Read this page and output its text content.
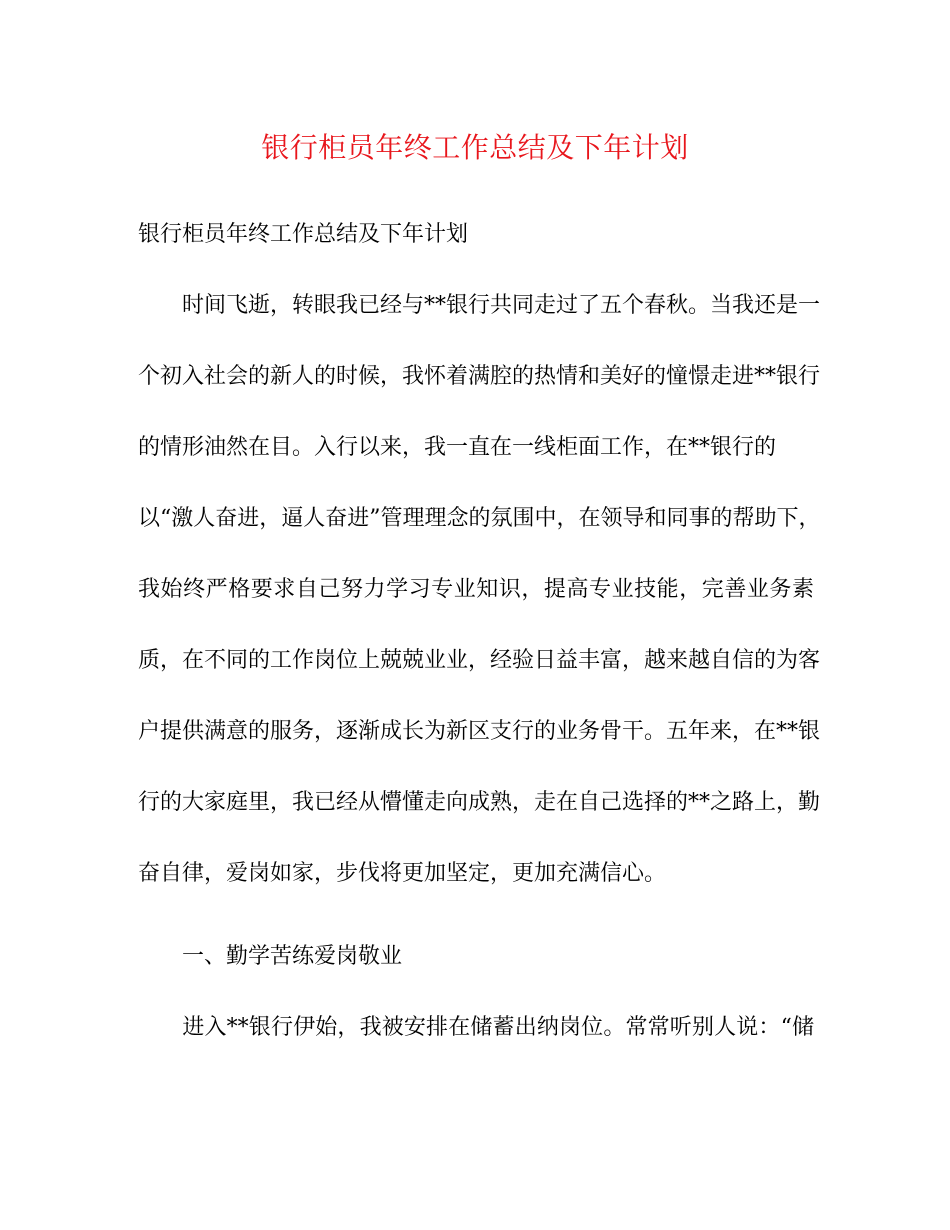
银行柜员年终工作总结及下年计划
银行柜员年终工作总结及下年计划
　　时间飞逝，转眼我已经与**银行共同走过了五个春秋。当我还是一
个初入社会的新人的时候，我怀着满腔的热情和美好的憧憬走进**银行
的情形油然在目。入行以来，我一直在一线柜面工作，在**银行的
以“激人奋进，逼人奋进”管理理念的氛围中，在领导和同事的帮助下，
我始终严格要求自己努力学习专业知识，提高专业技能，完善业务素
质，在不同的工作岗位上兢兢业业，经验日益丰富，越来越自信的为客
户提供满意的服务，逐渐成长为新区支行的业务骨干。五年来，在**银
行的大家庭里，我已经从懵懂走向成熟，走在自己选择的**之路上，勤
奋自律，爱岗如家，步伐将更加坚定，更加充满信心。
　　一、勤学苦练爱岗敬业
　　进入**银行伊始，我被安排在储蓄出纳岗位。常常听别人说：“储
